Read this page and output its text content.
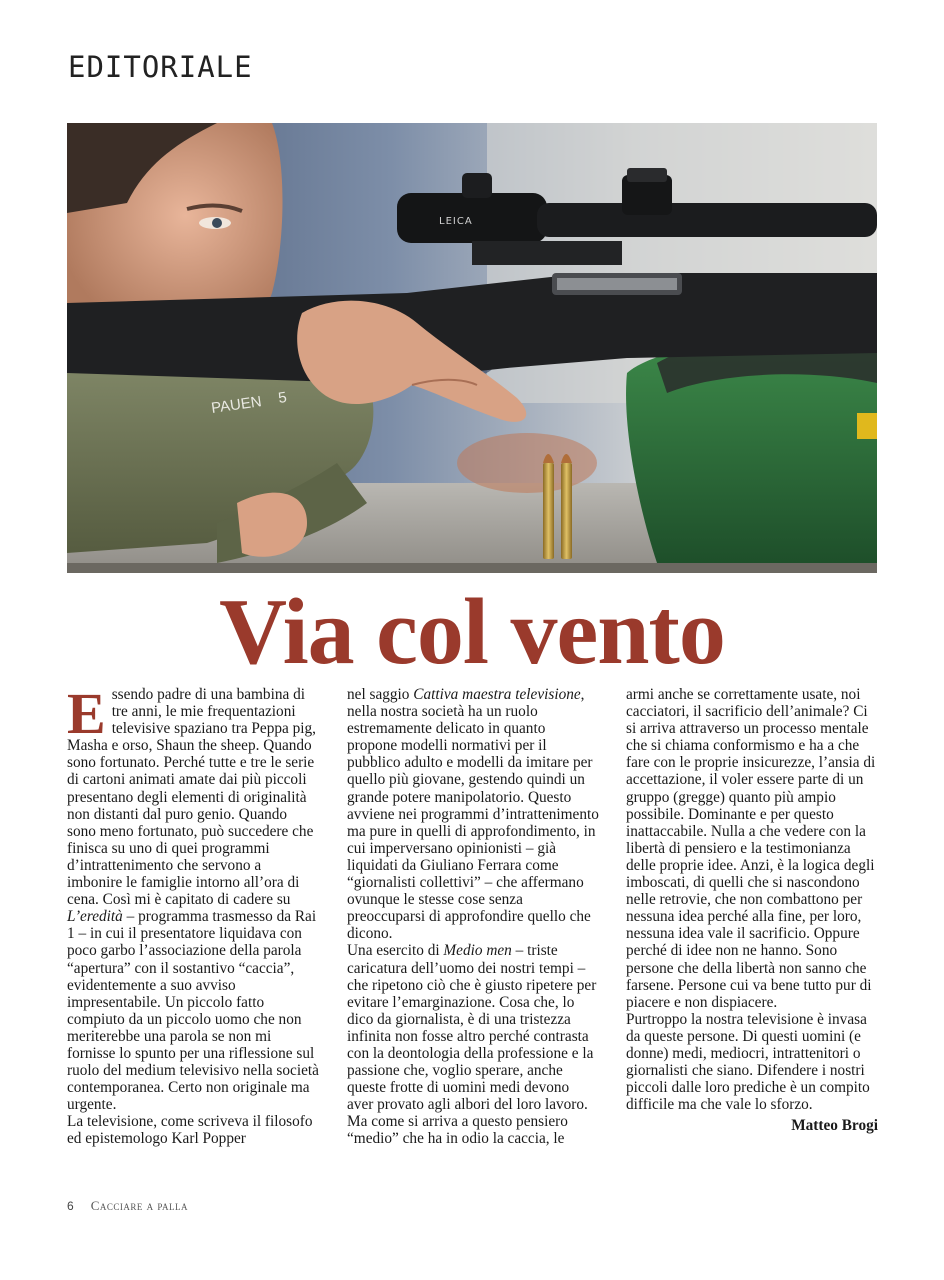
EDITORIALE
PAUEN 5
LEICA
Via col vento

Essendo padre di una bambina di tre anni, le mie frequentazioni televisive spaziano tra Peppa pig, Masha e orso, Shaun the sheep. Quando sono fortunato. Perché tutte e tre le serie di cartoni animati amate dai più piccoli presentano degli elementi di originalità non distanti dal puro genio. Quando sono meno fortunato, può succedere che finisca su uno di quei programmi d’intrattenimento che servono a imbonire le famiglie intorno all’ora di cena. Così mi è capitato di cadere su L’eredità – programma trasmesso da Rai 1 – in cui il presentatore liquidava con poco garbo l’associazione della parola “apertura” con il sostantivo “caccia”, evidentemente a suo avviso impresentabile. Un piccolo fatto compiuto da un piccolo uomo che non meriterebbe una parola se non mi fornisse lo spunto per una riflessione sul ruolo del medium televisivo nella società contemporanea. Certo non originale ma urgente.

La televisione, come scriveva il filosofo ed epistemologo Karl Popper

nel saggio Cattiva maestra televisione, nella nostra società ha un ruolo estremamente delicato in quanto propone modelli normativi per il pubblico adulto e modelli da imitare per quello più giovane, gestendo quindi un grande potere manipolatorio. Questo avviene nei programmi d’intrattenimento ma pure in quelli di approfondimento, in cui imperversano opinionisti – già liquidati da Giuliano Ferrara come “giornalisti collettivi” – che affermano ovunque le stesse cose senza preoccuparsi di approfondire quello che dicono.

Una esercito di Medio men – triste caricatura dell’uomo dei nostri tempi – che ripetono ciò che è giusto ripetere per evitare l’emarginazione. Cosa che, lo dico da giornalista, è di una tristezza infinita non fosse altro perché contrasta con la deontologia della professione e la passione che, voglio sperare, anche queste frotte di uomini medi devono aver provato agli albori del loro lavoro.

Ma come si arriva a questo pensiero “medio” che ha in odio la caccia, le

armi anche se correttamente usate, noi cacciatori, il sacrificio dell’animale? Ci si arriva attraverso un processo mentale che si chiama conformismo e ha a che fare con le proprie insicurezze, l’ansia di accettazione, il voler essere parte di un gruppo (gregge) quanto più ampio possibile. Dominante e per questo inattaccabile. Nulla a che vedere con la libertà di pensiero e la testimonianza delle proprie idee. Anzi, è la logica degli imboscati, di quelli che si nascondono nelle retrovie, che non combattono per nessuna idea perché alla fine, per loro, nessuna idea vale il sacrificio. Oppure perché di idee non ne hanno. Sono persone che della libertà non sanno che farsene. Persone cui va bene tutto pur di piacere e non dispiacere.

Purtroppo la nostra televisione è invasa da queste persone. Di questi uomini (e donne) medi, mediocri, intrattenitori o giornalisti che siano. Difendere i nostri piccoli dalle loro prediche è un compito difficile ma che vale lo sforzo.

Matteo Brogi

6 Cacciare a palla
